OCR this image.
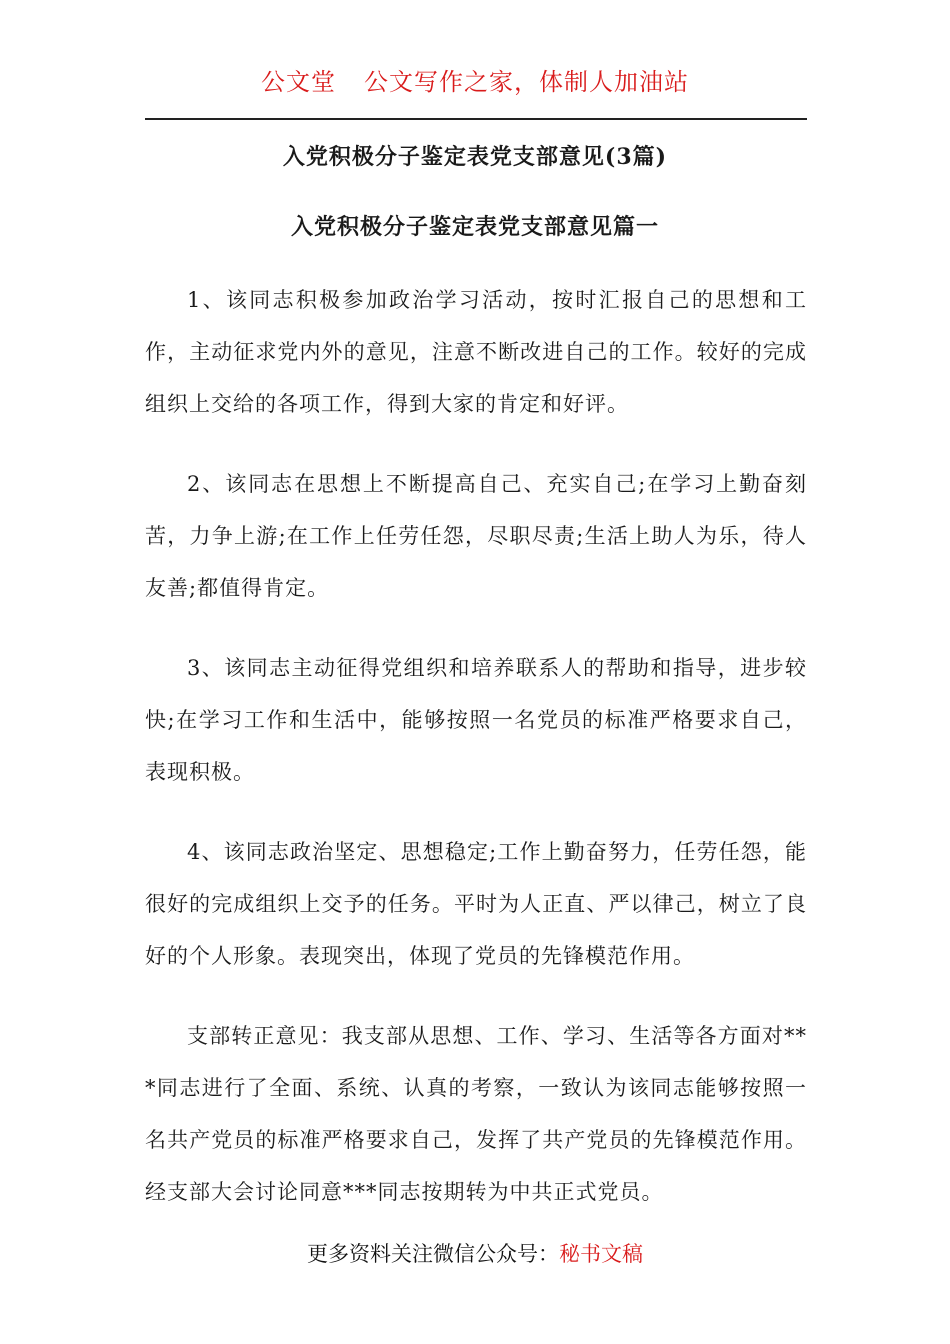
公文堂 公文写作之家，体制人加油站
入党积极分子鉴定表党支部意见(3篇)
入党积极分子鉴定表党支部意见篇一

1、该同志积极参加政治学习活动，按时汇报自己的思想和工作，主动征求党内外的意见，注意不断改进自己的工作。较好的完成组织上交给的各项工作，得到大家的肯定和好评。

2、该同志在思想上不断提高自己、充实自己;在学习上勤奋刻苦，力争上游;在工作上任劳任怨，尽职尽责;生活上助人为乐，待人友善;都值得肯定。

3、该同志主动征得党组织和培养联系人的帮助和指导，进步较快;在学习工作和生活中，能够按照一名党员的标准严格要求自己，表现积极。

4、该同志政治坚定、思想稳定;工作上勤奋努力，任劳任怨，能很好的完成组织上交予的任务。平时为人正直、严以律己，树立了良好的个人形象。表现突出，体现了党员的先锋模范作用。

支部转正意见：我支部从思想、工作、学习、生活等各方面对***同志进行了全面、系统、认真的考察，一致认为该同志能够按照一名共产党员的标准严格要求自己，发挥了共产党员的先锋模范作用。经支部大会讨论同意***同志按期转为中共正式党员。

更多资料关注微信公众号：秘书文稿
